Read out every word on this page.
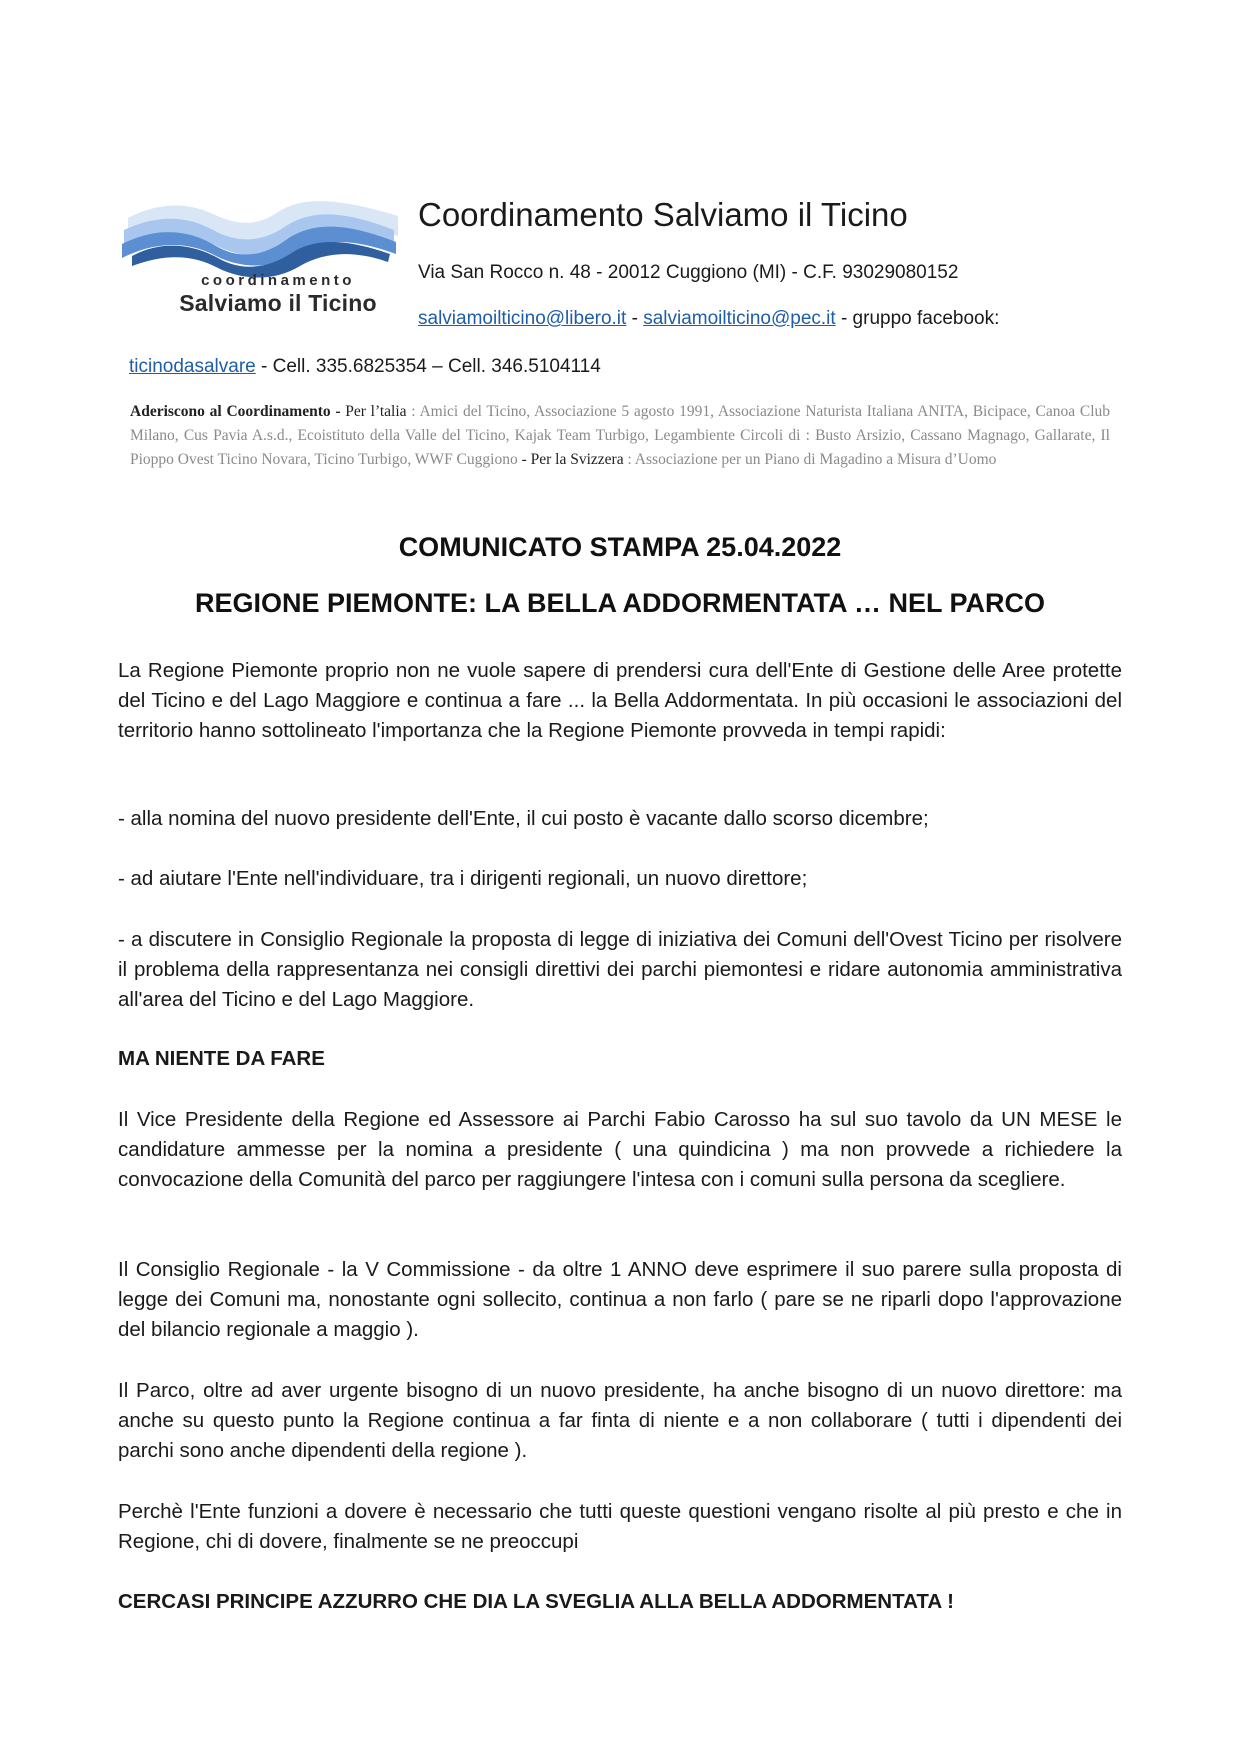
coordinamento
Salviamo il Ticino
Coordinamento Salviamo il Ticino
Via San Rocco n. 48 - 20012 Cuggiono (MI) - C.F. 93029080152
salviamoilticino@libero.it - salviamoilticino@pec.it - gruppo facebook:
ticinodasalvare - Cell. 335.6825354 – Cell. 346.5104114
Aderiscono al Coordinamento - Per l’talia : Amici del Ticino, Associazione 5 agosto 1991, Associazione Naturista Italiana ANITA, Bicipace, Canoa Club Milano, Cus Pavia A.s.d., Ecoistituto della Valle del Ticino, Kajak Team Turbigo, Legambiente Circoli di : Busto Arsizio, Cassano Magnago, Gallarate, Il Pioppo Ovest Ticino Novara, Ticino Turbigo, WWF Cuggiono - Per la Svizzera : Associazione per un Piano di Magadino a Misura d’Uomo
COMUNICATO STAMPA 25.04.2022
REGIONE PIEMONTE: LA BELLA ADDORMENTATA … NEL PARCO
La Regione Piemonte proprio non ne vuole sapere di prendersi cura dell'Ente di Gestione delle Aree protette del Ticino e del Lago Maggiore e continua a fare ... la Bella Addormentata. In più occasioni le associazioni del territorio hanno sottolineato l'importanza che la Regione Piemonte provveda in tempi rapidi:
- alla nomina del nuovo presidente dell'Ente, il cui posto è vacante dallo scorso dicembre;
- ad aiutare l'Ente nell'individuare, tra i dirigenti regionali, un nuovo direttore;
- a discutere in Consiglio Regionale la proposta di legge di iniziativa dei Comuni dell'Ovest Ticino per risolvere il problema della rappresentanza nei consigli direttivi dei parchi piemontesi e ridare autonomia amministrativa all'area del Ticino e del Lago Maggiore.
MA NIENTE DA FARE
Il Vice Presidente della Regione ed Assessore ai Parchi Fabio Carosso ha sul suo tavolo da UN MESE le candidature ammesse per la nomina a presidente ( una quindicina ) ma non provvede a richiedere la convocazione della Comunità del parco per raggiungere l'intesa con i comuni sulla persona da scegliere.
Il Consiglio Regionale - la V Commissione - da oltre 1 ANNO deve esprimere il suo parere sulla proposta di legge dei Comuni ma, nonostante ogni sollecito, continua a non farlo ( pare se ne riparli dopo l'approvazione del bilancio regionale a maggio ).
Il Parco, oltre ad aver urgente bisogno di un nuovo presidente, ha anche bisogno di un nuovo direttore: ma anche su questo punto la Regione continua a far finta di niente e a non collaborare ( tutti i dipendenti dei parchi sono anche dipendenti della regione ).
Perchè l'Ente funzioni a dovere è necessario che tutti queste questioni vengano risolte al più presto e che in Regione, chi di dovere, finalmente se ne preoccupi
CERCASI PRINCIPE AZZURRO CHE DIA LA SVEGLIA ALLA BELLA ADDORMENTATA !
